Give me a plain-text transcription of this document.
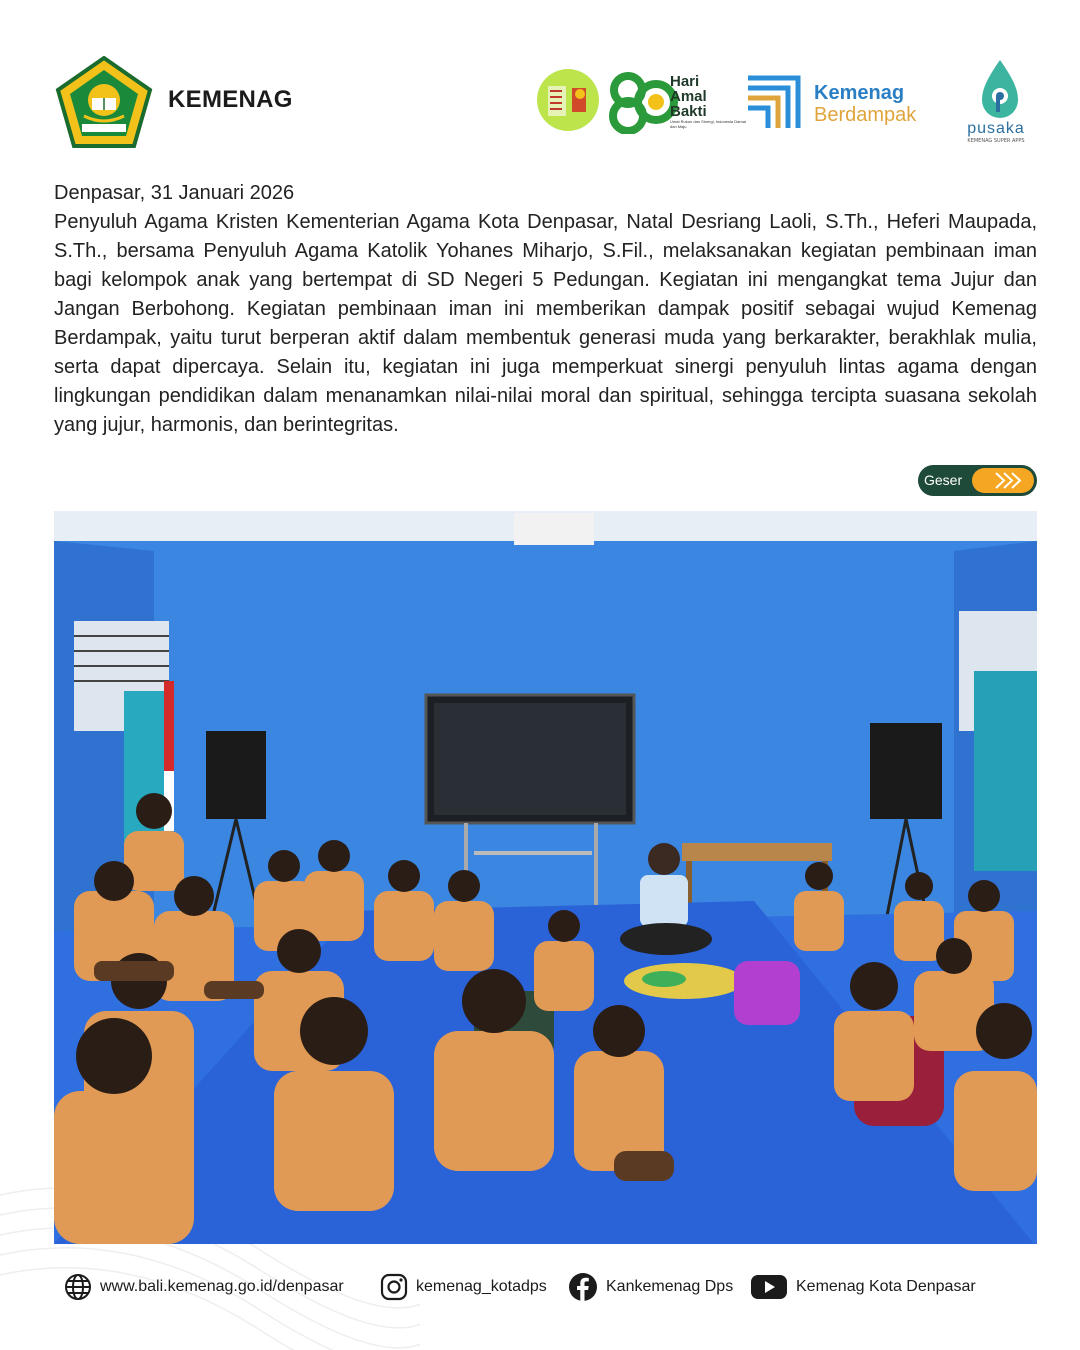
KEMENAG
Hari
Amal
Bakti
Umat Rukun dan Sinergi, Indonesia Damai dan Maju
Kemenag
Berdampak
pusaka
KEMENAG SUPER APPS
Denpasar, 31 Januari 2026
Penyuluh Agama Kristen Kementerian Agama Kota Denpasar, Natal Desriang Laoli, S.Th., Heferi Maupada, S.Th., bersama Penyuluh Agama Katolik Yohanes Miharjo, S.Fil., melaksanakan kegiatan pembinaan iman bagi kelompok anak yang bertempat di SD Negeri 5 Pedungan. Kegiatan ini mengangkat tema Jujur dan Jangan Berbohong. Kegiatan pembinaan iman ini memberikan dampak positif sebagai wujud Kemenag Berdampak, yaitu turut berperan aktif dalam membentuk generasi muda yang berkarakter, berakhlak mulia, serta dapat dipercaya. Selain itu, kegiatan ini juga memperkuat sinergi penyuluh lintas agama dengan lingkungan pendidikan dalam menanamkan nilai-nilai moral dan spiritual, sehingga tercipta suasana sekolah yang jujur, harmonis, dan berintegritas.
Geser
www.bali.kemenag.go.id/denpasar	kemenag_kotadps	Kankemenag Dps	Kemenag Kota Denpasar
